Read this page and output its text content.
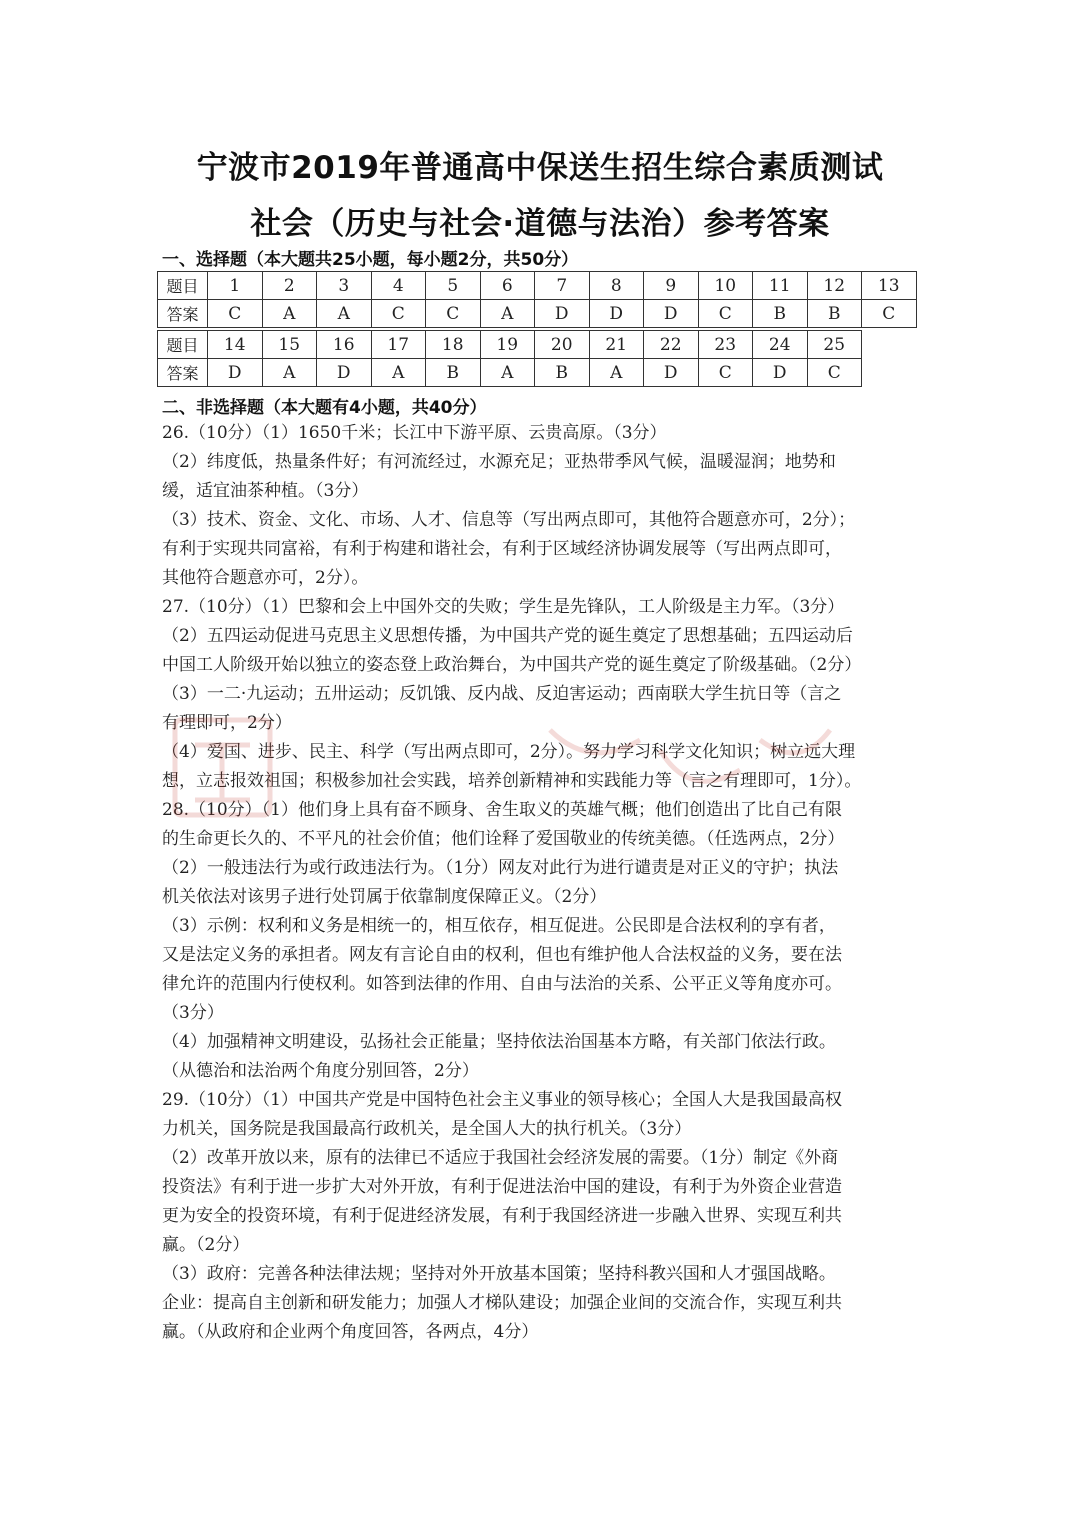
宁波市2019年普通高中保送生招生综合素质测试
社会（历史与社会·道德与法治）参考答案
一、选择题（本大题共25小题，每小题2分，共50分）
题目	1	2	3	4	5	6	7	8	9	10	11	12	13
答案	C	A	A	C	C	A	D	D	D	C	B	B	C
题目	14	15	16	17	18	19	20	21	22	23	24	25
答案	D	A	D	A	B	A	B	A	D	C	D	C
二、非选择题（本大题有4小题，共40分）
26.（10分）（1）1650千米；长江中下游平原、云贵高原。（3分）
（2）纬度低，热量条件好；有河流经过，水源充足；亚热带季风气候，温暖湿润；地势和
缓，适宜油茶种植。（3分）
（3）技术、资金、文化、市场、人才、信息等（写出两点即可，其他符合题意亦可，2分）；
有利于实现共同富裕，有利于构建和谐社会，有利于区域经济协调发展等（写出两点即可，
其他符合题意亦可，2分）。
27.（10分）（1）巴黎和会上中国外交的失败；学生是先锋队，工人阶级是主力军。（3分）
（2）五四运动促进马克思主义思想传播，为中国共产党的诞生奠定了思想基础；五四运动后
中国工人阶级开始以独立的姿态登上政治舞台，为中国共产党的诞生奠定了阶级基础。（2分）
（3）一二·九运动；五卅运动；反饥饿、反内战、反迫害运动；西南联大学生抗日等（言之
有理即可，2分）
（4）爱国、进步、民主、科学（写出两点即可，2分）。努力学习科学文化知识；树立远大理
想，立志报效祖国；积极参加社会实践，培养创新精神和实践能力等（言之有理即可，1分）。
28.（10分）（1）他们身上具有奋不顾身、舍生取义的英雄气概；他们创造出了比自己有限
的生命更长久的、不平凡的社会价值；他们诠释了爱国敬业的传统美德。（任选两点，2分）
（2）一般违法行为或行政违法行为。（1分）网友对此行为进行谴责是对正义的守护；执法
机关依法对该男子进行处罚属于依靠制度保障正义。（2分）
（3）示例：权利和义务是相统一的，相互依存，相互促进。公民即是合法权利的享有者，
又是法定义务的承担者。网友有言论自由的权利，但也有维护他人合法权益的义务，要在法
律允许的范围内行使权利。如答到法律的作用、自由与法治的关系、公平正义等角度亦可。
（3分）
（4）加强精神文明建设，弘扬社会正能量；坚持依法治国基本方略，有关部门依法行政。
（从德治和法治两个角度分别回答，2分）
29.（10分）（1）中国共产党是中国特色社会主义事业的领导核心；全国人大是我国最高权
力机关，国务院是我国最高行政机关，是全国人大的执行机关。（3分）
（2）改革开放以来，原有的法律已不适应于我国社会经济发展的需要。（1分）制定《外商
投资法》有利于进一步扩大对外开放，有利于促进法治中国的建设，有利于为外资企业营造
更为安全的投资环境，有利于促进经济发展，有利于我国经济进一步融入世界、实现互利共
赢。（2分）
（3）政府：完善各种法律法规；坚持对外开放基本国策；坚持科教兴国和人才强国战略。
企业：提高自主创新和研发能力；加强人才梯队建设；加强企业间的交流合作，实现互利共
赢。（从政府和企业两个角度回答，各两点，4分）
